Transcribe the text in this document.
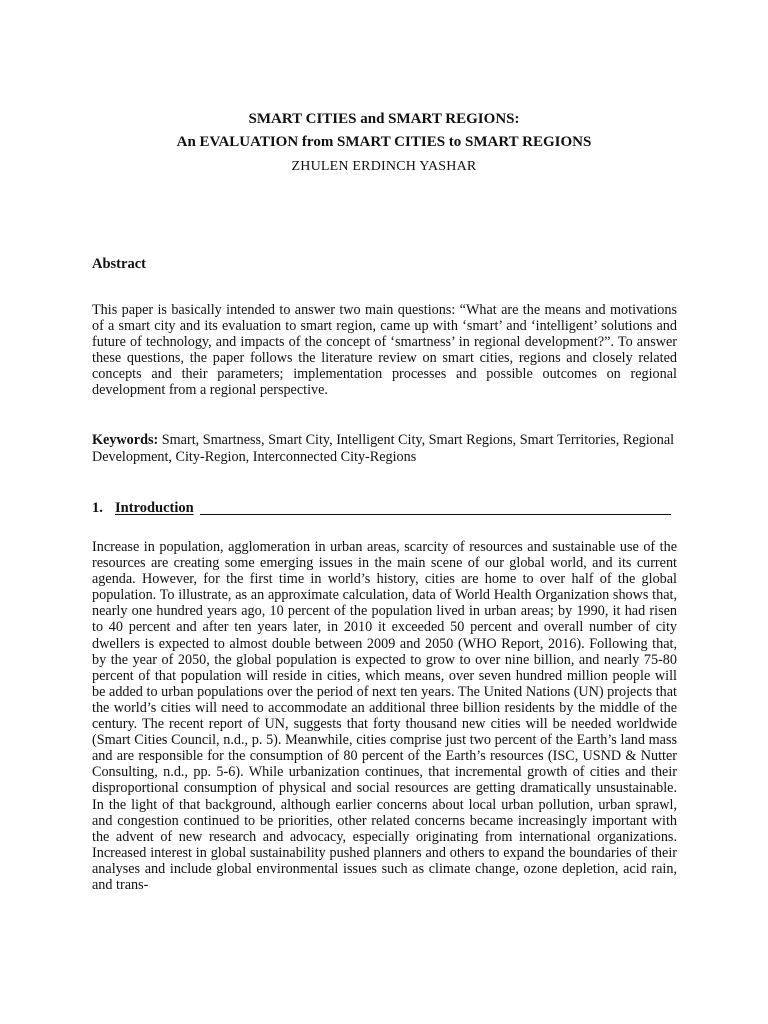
SMART CITIES and SMART REGIONS:
An EVALUATION from SMART CITIES to SMART REGIONS
ZHULEN ERDINCH YASHAR
Abstract
This paper is basically intended to answer two main questions: “What are the means and motivations of a smart city and its evaluation to smart region, came up with ‘smart’ and ‘intelligent’ solutions and future of technology, and impacts of the concept of ‘smartness’ in regional development?”. To answer these questions, the paper follows the literature review on smart cities, regions and closely related concepts and their parameters; implementation processes and possible outcomes on regional development from a regional perspective.
Keywords: Smart, Smartness, Smart City, Intelligent City, Smart Regions, Smart Territories, Regional Development, City-Region, Interconnected City-Regions
1. Introduction
Increase in population, agglomeration in urban areas, scarcity of resources and sustainable use of the resources are creating some emerging issues in the main scene of our global world, and its current agenda. However, for the first time in world’s history, cities are home to over half of the global population. To illustrate, as an approximate calculation, data of World Health Organization shows that, nearly one hundred years ago, 10 percent of the population lived in urban areas; by 1990, it had risen to 40 percent and after ten years later, in 2010 it exceeded 50 percent and overall number of city dwellers is expected to almost double between 2009 and 2050 (WHO Report, 2016). Following that, by the year of 2050, the global population is expected to grow to over nine billion, and nearly 75-80 percent of that population will reside in cities, which means, over seven hundred million people will be added to urban populations over the period of next ten years. The United Nations (UN) projects that the world’s cities will need to accommodate an additional three billion residents by the middle of the century. The recent report of UN, suggests that forty thousand new cities will be needed worldwide (Smart Cities Council, n.d., p. 5). Meanwhile, cities comprise just two percent of the Earth’s land mass and are responsible for the consumption of 80 percent of the Earth’s resources (ISC, USND & Nutter Consulting, n.d., pp. 5-6). While urbanization continues, that incremental growth of cities and their disproportional consumption of physical and social resources are getting dramatically unsustainable. In the light of that background, although earlier concerns about local urban pollution, urban sprawl, and congestion continued to be priorities, other related concerns became increasingly important with the advent of new research and advocacy, especially originating from international organizations. Increased interest in global sustainability pushed planners and others to expand the boundaries of their analyses and include global environmental issues such as climate change, ozone depletion, acid rain, and trans-
